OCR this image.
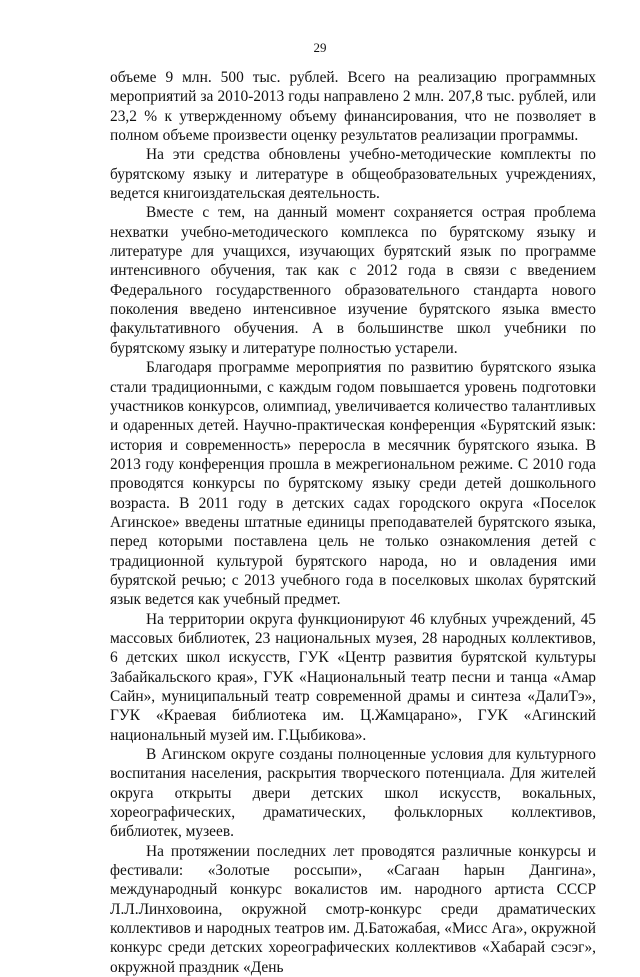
29

объеме 9 млн. 500 тыс. рублей. Всего на реализацию программных мероприятий за 2010-2013 годы направлено 2 млн. 207,8 тыс. рублей, или 23,2 % к утвержденному объему финансирования, что не позволяет в полном объеме произвести оценку результатов реализации программы.

На эти средства обновлены учебно-методические комплекты по бурятскому языку и литературе в общеобразовательных учреждениях, ведется книгоиздательская деятельность.

Вместе с тем, на данный момент сохраняется острая проблема нехватки учебно-методического комплекса по бурятскому языку и литературе для учащихся, изучающих бурятский язык по программе интенсивного обучения, так как с 2012 года в связи с введением Федерального государственного образовательного стандарта нового поколения введено интенсивное изучение бурятского языка вместо факультативного обучения. А в большинстве школ учебники по бурятскому языку и литературе полностью устарели.

Благодаря программе мероприятия по развитию бурятского языка стали традиционными, с каждым годом повышается уровень подготовки участников конкурсов, олимпиад, увеличивается количество талантливых и одаренных детей. Научно-практическая конференция «Бурятский язык: история и современность» переросла в месячник бурятского языка. В 2013 году конференция прошла в межрегиональном режиме. С 2010 года проводятся конкурсы по бурятскому языку среди детей дошкольного возраста. В 2011 году в детских садах городского округа «Поселок Агинское» введены штатные единицы преподавателей бурятского языка, перед которыми поставлена цель не только ознакомления детей с традиционной культурой бурятского народа, но и овладения ими бурятской речью; с 2013 учебного года в поселковых школах бурятский язык ведется как учебный предмет.

На территории округа функционируют 46 клубных учреждений, 45 массовых библиотек, 23 национальных музея, 28 народных коллективов, 6 детских школ искусств, ГУК «Центр развития бурятской культуры Забайкальского края», ГУК «Национальный театр песни и танца «Амар Сайн», муниципальный театр современной драмы и синтеза «ДалиТэ», ГУК «Краевая библиотека им. Ц.Жамцарано», ГУК «Агинский национальный музей им. Г.Цыбикова».

В Агинском округе созданы полноценные условия для культурного воспитания населения, раскрытия творческого потенциала. Для жителей округа открыты двери детских школ искусств, вокальных, хореографических, драматических, фольклорных коллективов, библиотек, музеев.

На протяжении последних лет проводятся различные конкурсы и фестивали: «Золотые россыпи», «Сагаан hарын Дангина», международный конкурс вокалистов им. народного артиста СССР Л.Л.Линховоина, окружной смотр-конкурс среди драматических коллективов и народных театров им. Д.Батожабая, «Мисс Ага», окружной конкурс среди детских хореографических коллективов «Хабарай сэсэг», окружной праздник «День
